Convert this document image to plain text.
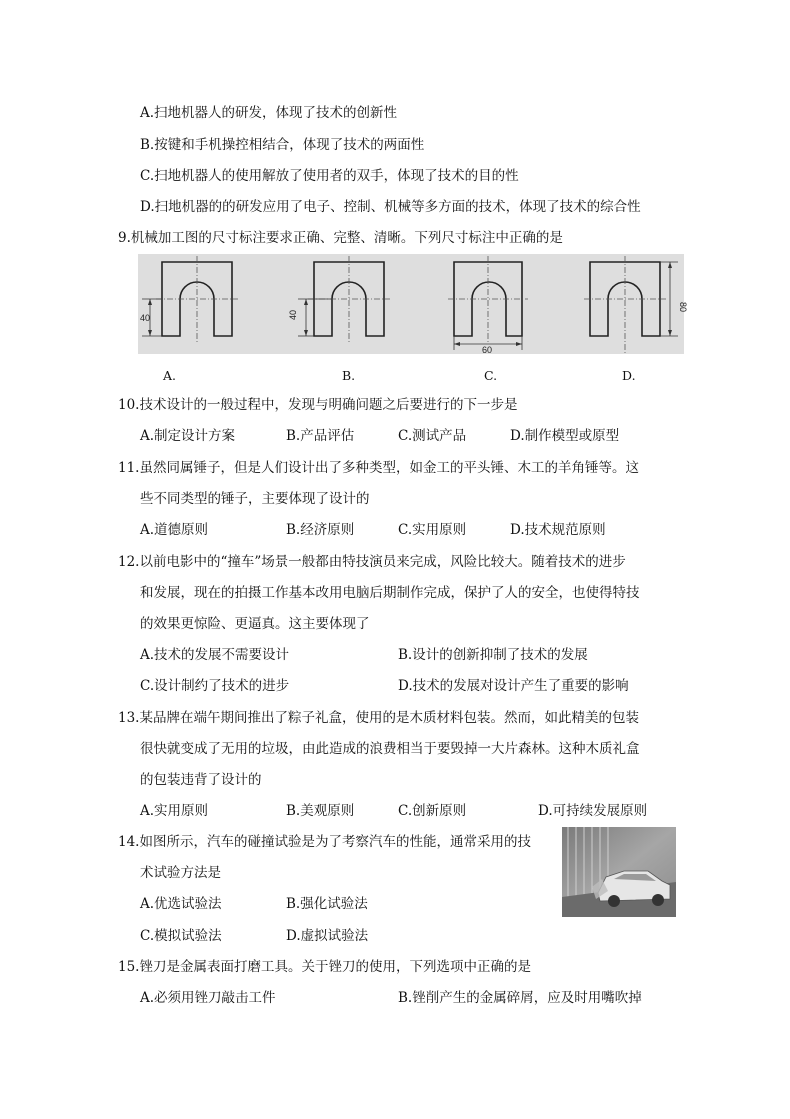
A.扫地机器人的研发，体现了技术的创新性
B.按键和手机操控相结合，体现了技术的两面性
C.扫地机器人的使用解放了使用者的双手，体现了技术的目的性
D.扫地机器的的研发应用了电子、控制、机械等多方面的技术，体现了技术的综合性
9.机械加工图的尺寸标注要求正确、完整、清晰。下列尺寸标注中正确的是
40	40
60
80
A.	B.	C.	D.
10.技术设计的一般过程中，发现与明确问题之后要进行的下一步是
A.制定设计方案	B.产品评估	C.测试产品	D.制作模型或原型
11.虽然同属锤子，但是人们设计出了多种类型，如金工的平头锤、木工的羊角锤等。这
些不同类型的锤子，主要体现了设计的
A.道德原则	B.经济原则	C.实用原则	D.技术规范原则
12.以前电影中的“撞车”场景一般都由特技演员来完成，风险比较大。随着技术的进步
和发展，现在的拍摄工作基本改用电脑后期制作完成，保护了人的安全，也使得特技
的效果更惊险、更逼真。这主要体现了
A.技术的发展不需要设计	B.设计的创新抑制了技术的发展
C.设计制约了技术的进步	D.技术的发展对设计产生了重要的影响
13.某品牌在端午期间推出了粽子礼盒，使用的是木质材料包装。然而，如此精美的包装
很快就变成了无用的垃圾，由此造成的浪费相当于要毁掉一大片森林。这种木质礼盒
的包装违背了设计的
A.实用原则	B.美观原则	C.创新原则	D.可持续发展原则
14.如图所示，汽车的碰撞试验是为了考察汽车的性能，通常采用的技
术试验方法是
A.优选试验法	B.强化试验法
C.模拟试验法	D.虚拟试验法
15.锉刀是金属表面打磨工具。关于锉刀的使用，下列选项中正确的是
A.必须用锉刀敲击工件	B.锉削产生的金属碎屑，应及时用嘴吹掉
